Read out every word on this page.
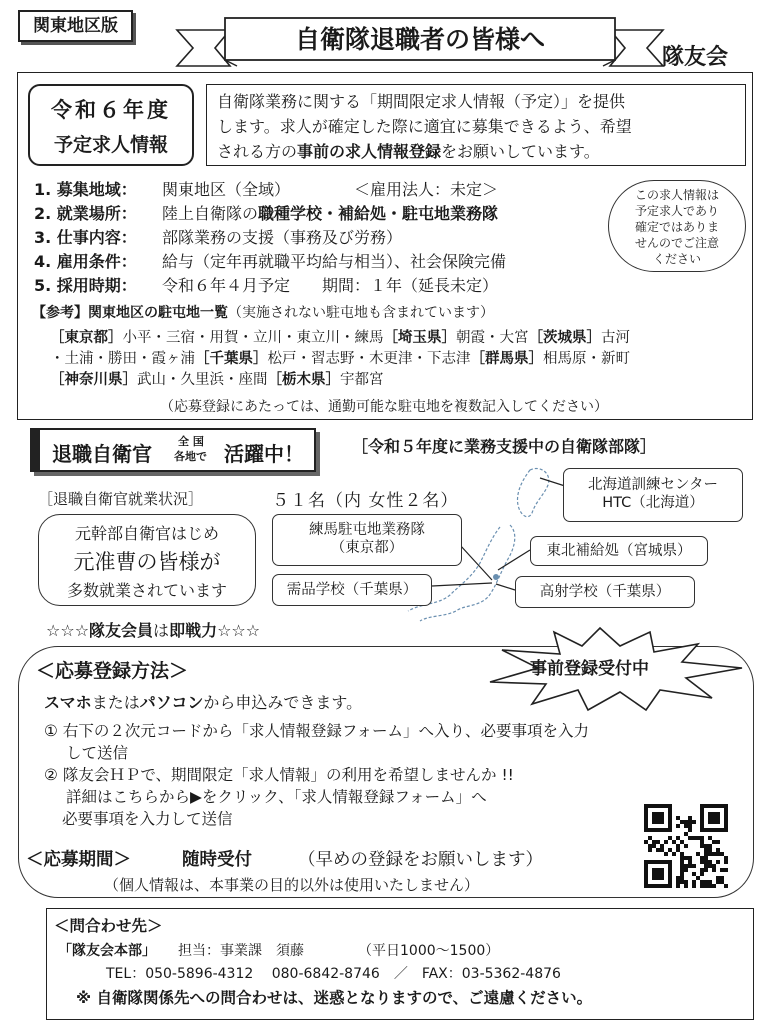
関東地区版	自衛隊退職者の皆様へ
隊友会
令和６年度
予定求人情報
自衛隊業務に関する「期間限定求人情報（予定）」を提供
します。求人が確定した際に適宜に募集できるよう、希望
される方の事前の求人情報登録をお願いしています。
1. 募集地域： 関東地区（全域）	＜雇用法人：未定＞
2. 就業場所： 陸上自衛隊の職種学校・補給処・駐屯地業務隊
3. 仕事内容： 部隊業務の支援（事務及び労務）
4. 雇用条件： 給与（定年再就職平均給与相当）、社会保険完備
5. 採用時期： 令和６年４月予定　　期間：１年（延長未定）
この求人情報は
予定求人であり
確定ではありま
せんのでご注意
ください
【参考】関東地区の駐屯地一覧（実施されない駐屯地も含まれています）
［東京都］小平・三宿・用賀・立川・東立川・練馬［埼玉県］朝霞・大宮［茨城県］古河
・土浦・勝田・霞ヶ浦［千葉県］松戸・習志野・木更津・下志津［群馬県］相馬原・新町
［神奈川県］武山・久里浜・座間［栃木県］宇都宮
（応募登録にあたっては、通勤可能な駐屯地を複数記入してください）
退職自衛官
全 国
各地で 活躍中！	［令和５年度に業務支援中の自衛隊部隊］
［退職自衛官就業状況］	５１名（内 女性２名）
元幹部自衛官はじめ
元准曹の皆様が
多数就業されています
北海道訓練センター
HTC（北海道）
練馬駐屯地業務隊
（東京都）	東北補給処（宮城県）
需品学校（千葉県）	高射学校（千葉県）
☆☆☆隊友会員は即戦力☆☆☆
事前登録受付中
＜応募登録方法＞
スマホまたはパソコンから申込みできます。
① 右下の２次元コードから「求人情報登録フォーム」へ入り、必要事項を入力
して送信
② 隊友会ＨＰで、期間限定「求人情報」の利用を希望しませんか !!
詳細はこちらから▶をクリック、「求人情報登録フォーム」へ
必要事項を入力して送信
＜応募期間＞	随時受付	（早めの登録をお願いします）
（個人情報は、本事業の目的以外は使用いたしません）
＜問合わせ先＞
「隊友会本部」 担当：事業課　須藤	（平日1000～1500）
TEL：050-5896-4312　 080-6842-8746　／　FAX：03-5362-4876
※ 自衛隊関係先への問合わせは、迷惑となりますので、ご遠慮ください。
